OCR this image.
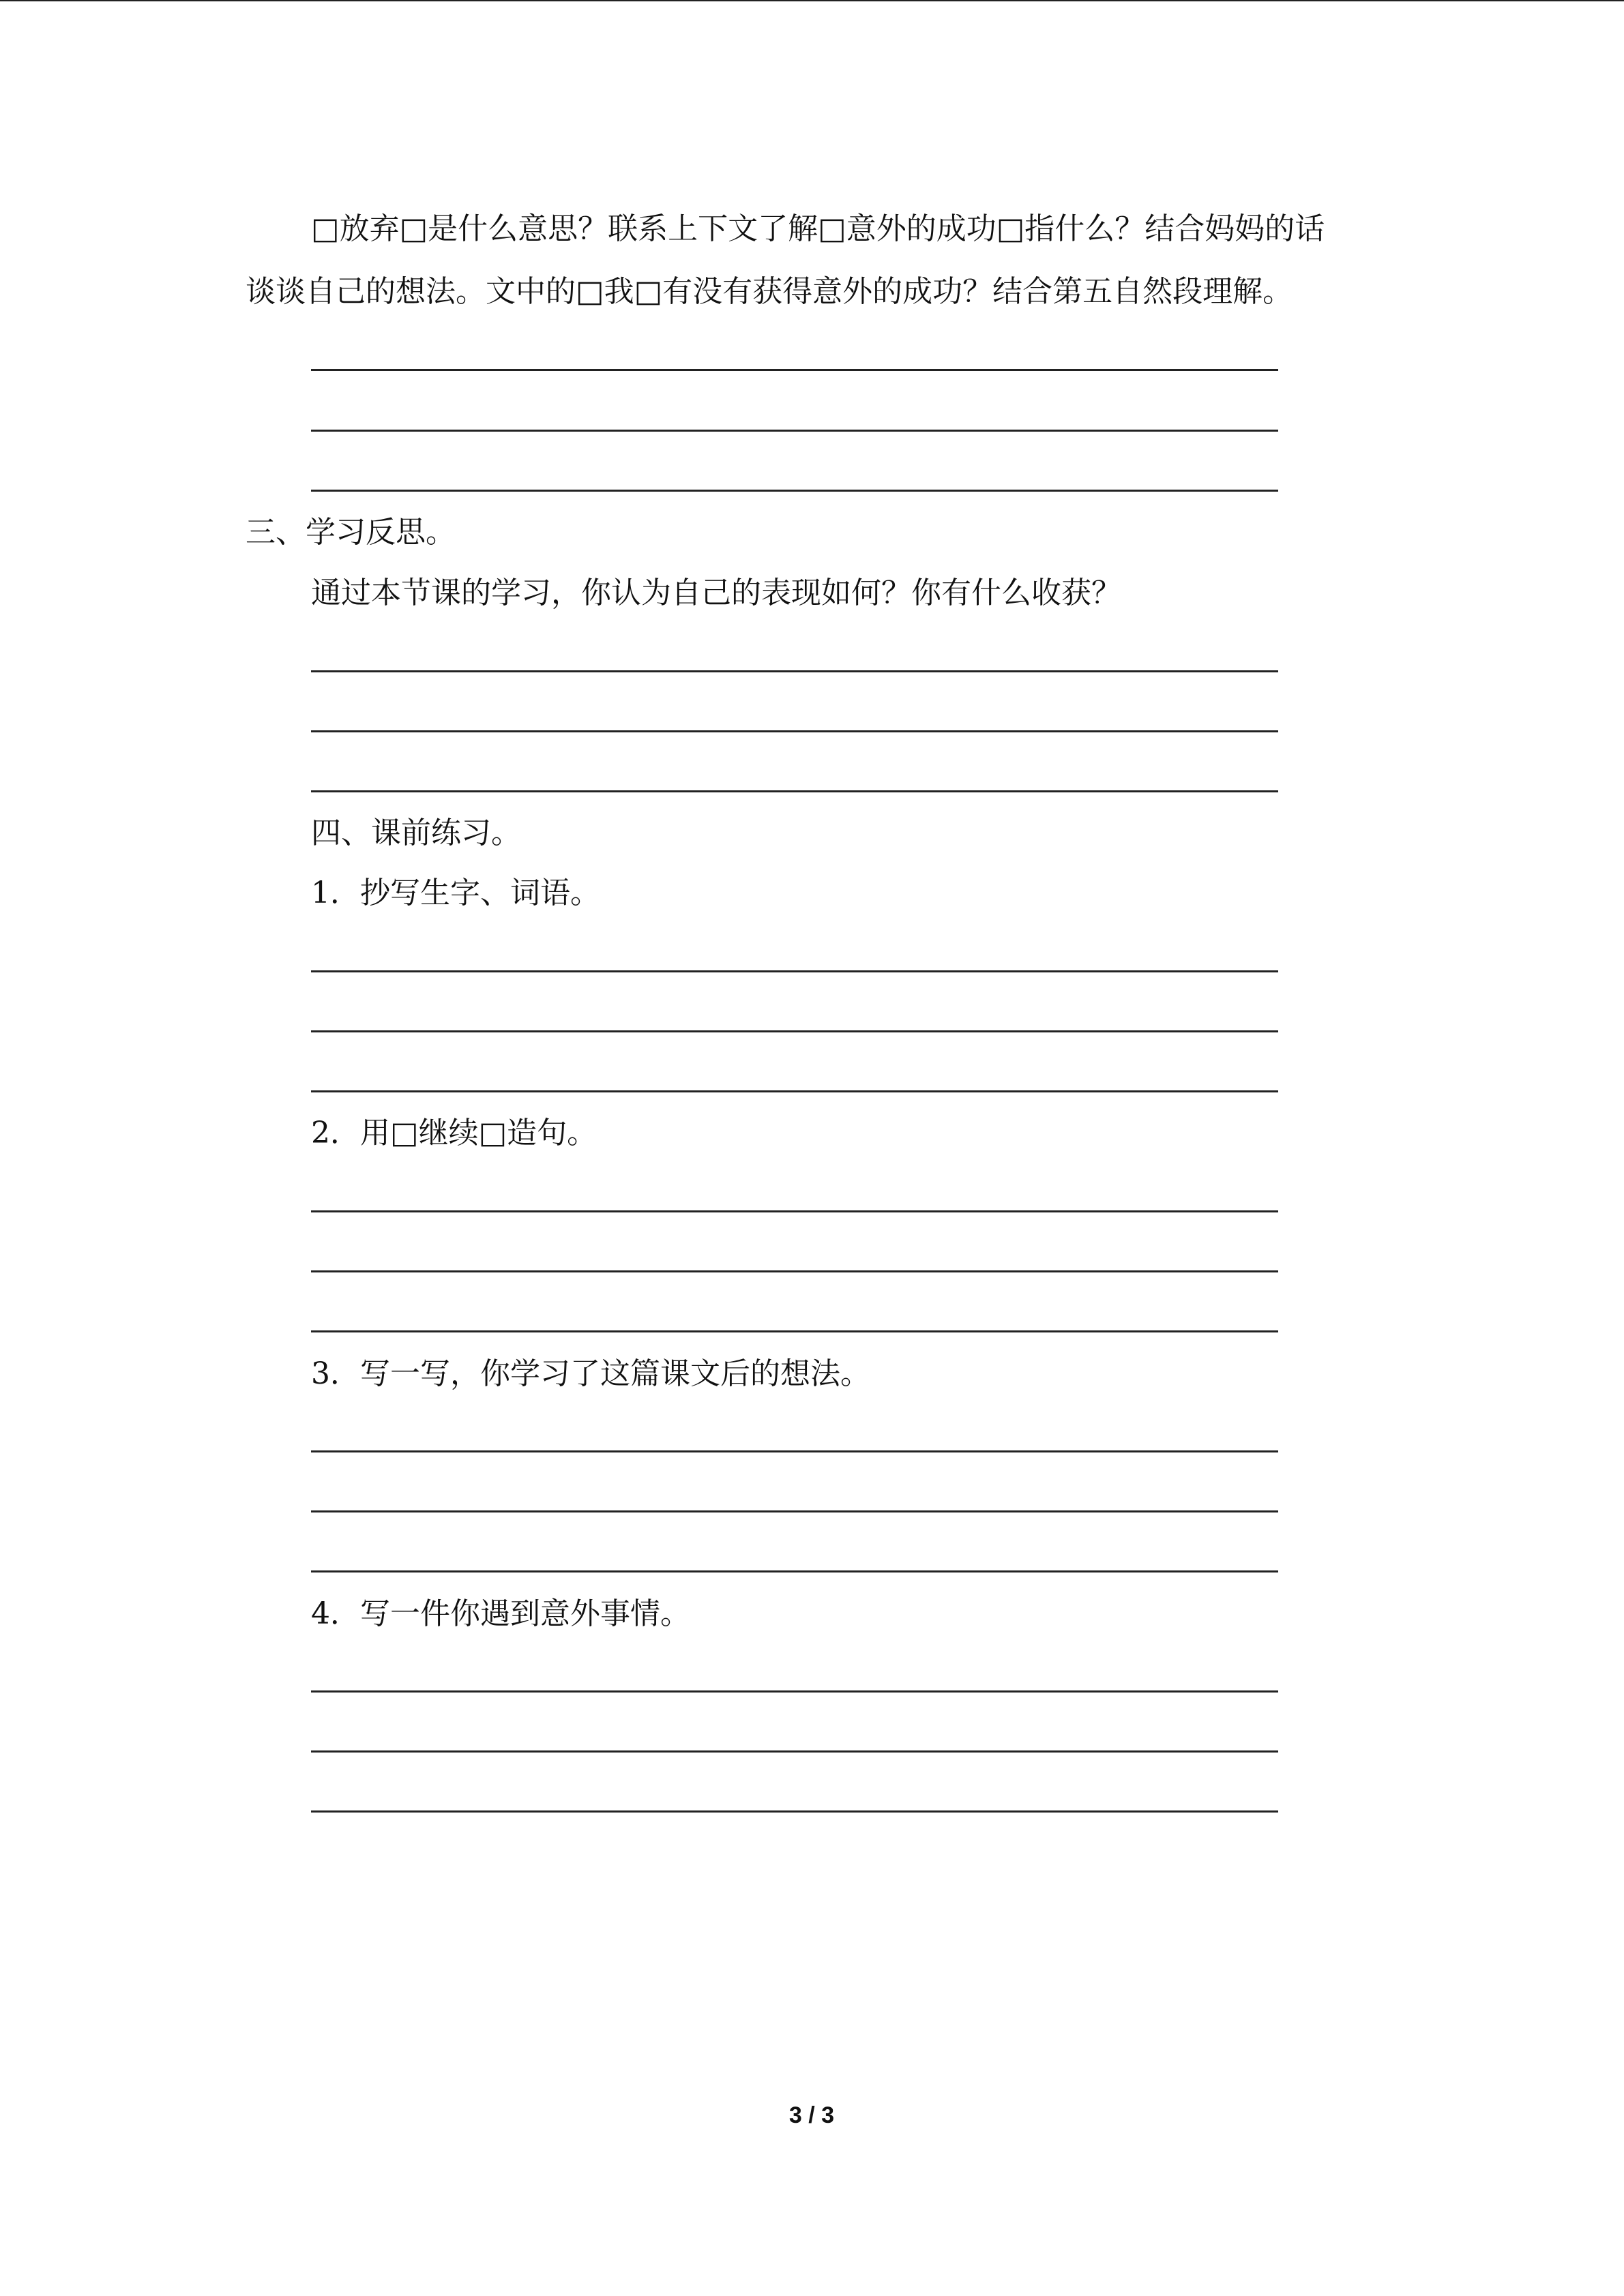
□放弃□是什么意思？联系上下文了解□意外的成功□指什么？结合妈妈的话
谈谈自己的想法。文中的□我□有没有获得意外的成功？结合第五自然段理解。
三、学习反思。
通过本节课的学习，你认为自己的表现如何？你有什么收获？
四、课前练习。
1．抄写生字、词语。
2．用□继续□造句。
3．写一写，你学习了这篇课文后的想法。
4．写一件你遇到意外事情。
3 / 3
